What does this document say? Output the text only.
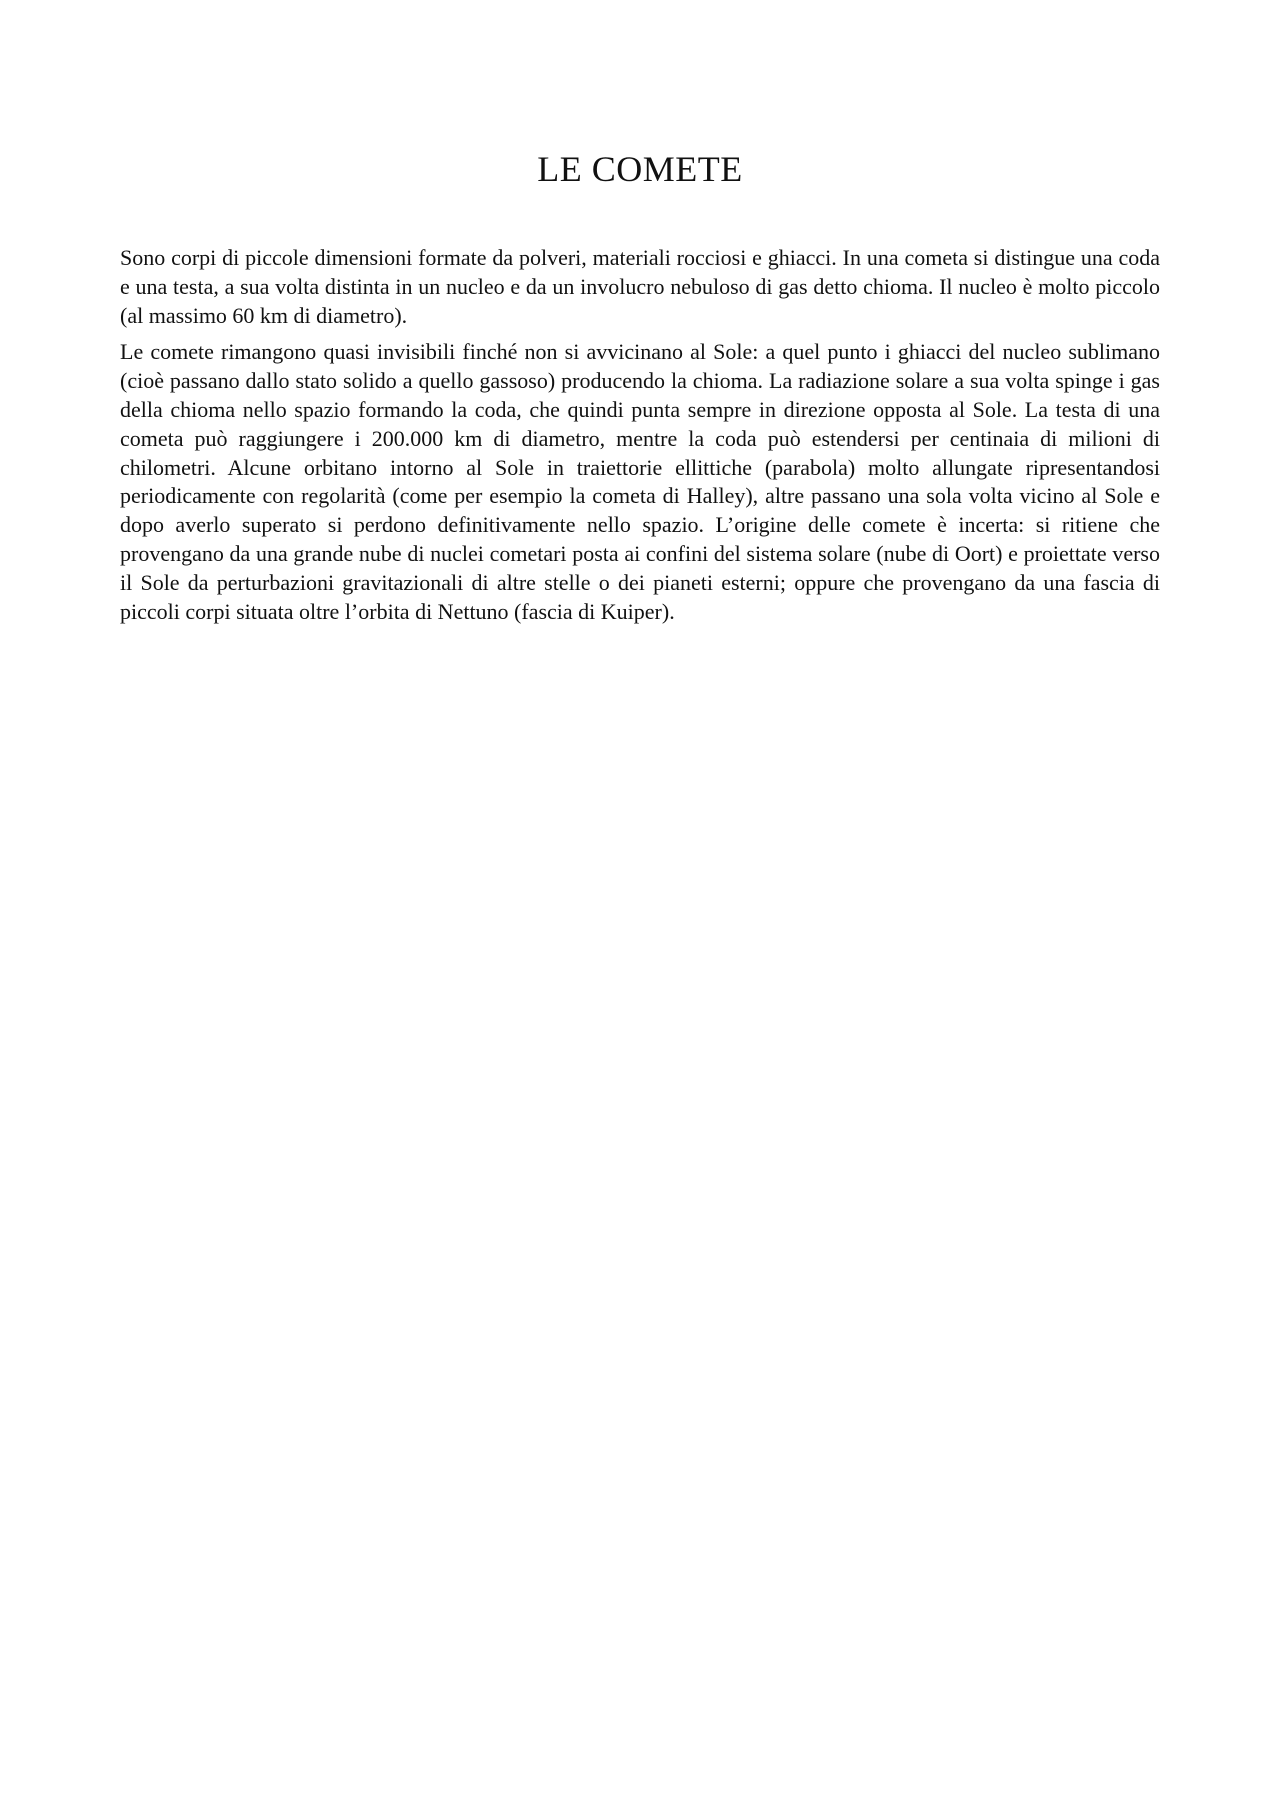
LE COMETE

Sono corpi di piccole dimensioni formate da polveri, materiali rocciosi e ghiacci. In una cometa si distingue una coda e una testa, a sua volta distinta in un nucleo e da un involucro nebuloso di gas detto chioma. Il nucleo è molto piccolo (al massimo 60 km di diametro).

Le comete rimangono quasi invisibili finché non si avvicinano al Sole: a quel punto i ghiacci del nucleo sublimano (cioè passano dallo stato solido a quello gassoso) producendo la chioma. La radiazione solare a sua volta spinge i gas della chioma nello spazio formando la coda, che quindi punta sempre in direzione opposta al Sole. La testa di una cometa può raggiungere i 200.000 km di diametro, mentre la coda può estendersi per centinaia di milioni di chilometri. Alcune orbitano intorno al Sole in traiettorie ellittiche (parabola) molto allungate ripresentandosi periodicamente con regolarità (come per esempio la cometa di Halley), altre passano una sola volta vicino al Sole e dopo averlo superato si perdono definitivamente nello spazio. L’origine delle comete è incerta: si ritiene che provengano da una grande nube di nuclei cometari posta ai confini del sistema solare (nube di Oort) e proiettate verso il Sole da perturbazioni gravitazionali di altre stelle o dei pianeti esterni; oppure che provengano da una fascia di piccoli corpi situata oltre l’orbita di Nettuno (fascia di Kuiper).
